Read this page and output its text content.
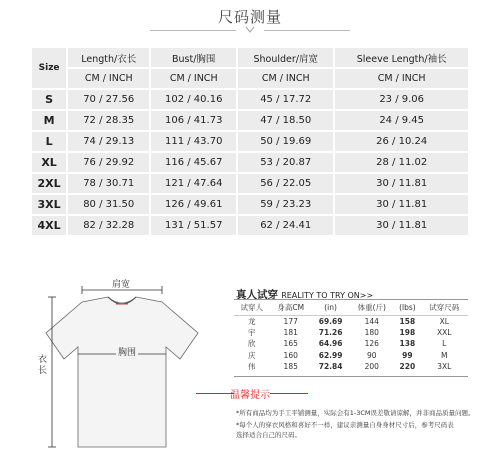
尺码测量
Size	Length/衣长	Bust/胸围	Shoulder/肩宽	Sleeve Length/袖长
	CM / INCH	CM / INCH	CM / INCH	CM / INCH
S	70 / 27.56	102 / 40.16	45 / 17.72	23 / 9.06
M	72 / 28.35	106 / 41.73	47 / 18.50	24 / 9.45
L	74 / 29.13	111 / 43.70	50 / 19.69	26 / 10.24
XL	76 / 29.92	116 / 45.67	53 / 20.87	28 / 11.02
2XL	78 / 30.71	121 / 47.64	56 / 22.05	30 / 11.81
3XL	80 / 31.50	126 / 49.61	59 / 23.23	30 / 11.81
4XL	82 / 32.28	131 / 51.57	62 / 24.41	30 / 11.81
肩宽
胸围
衣长
真人试穿 REALITY TO TRY ON>>
试穿人	身高CM	(in)	体重(斤)	(lbs)	试穿尺码
龙	177	69.69	144	158	XL
宇	181	71.26	180	198	XXL
欣	165	64.96	126	138	L
庆	160	62.99	90	99	M
伟	185	72.84	200	220	3XL
温馨提示
*所有商品均为手工平铺测量，实际会有1-3CM误差敬请谅解，并非商品质量问题。
*每个人的穿衣风格和喜好不一样，建议亲测量自身身材尺寸后，参考尺码表
选择适合自己的尺码。
